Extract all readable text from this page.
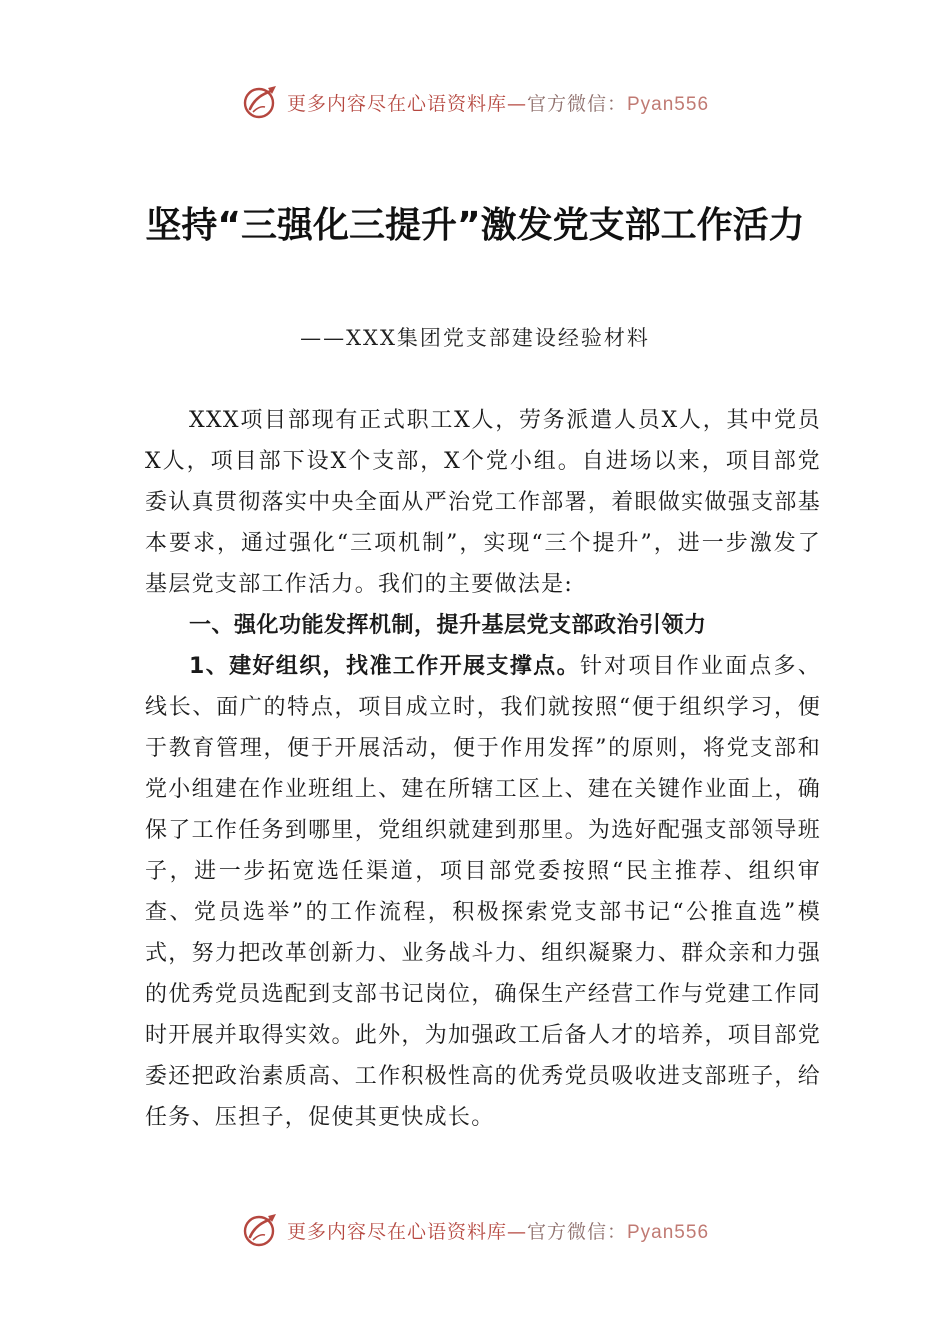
更多内容尽在心语资料库—官方微信：Pyan556
坚持“三强化三提升”激发党支部工作活力
——XXX集团党支部建设经验材料

XXX项目部现有正式职工X人，劳务派遣人员X人，其中党员X人，项目部下设X个支部，X个党小组。自进场以来，项目部党委认真贯彻落实中央全面从严治党工作部署，着眼做实做强支部基本要求，通过强化“三项机制”，实现“三个提升”，进一步激发了基层党支部工作活力。我们的主要做法是:

一、强化功能发挥机制，提升基层党支部政治引领力

1、建好组织，找准工作开展支撑点。针对项目作业面点多、线长、面广的特点，项目成立时，我们就按照“便于组织学习，便于教育管理，便于开展活动，便于作用发挥”的原则，将党支部和党小组建在作业班组上、建在所辖工区上、建在关键作业面上，确保了工作任务到哪里，党组织就建到那里。为选好配强支部领导班子，进一步拓宽选任渠道，项目部党委按照“民主推荐、组织审查、党员选举”的工作流程，积极探索党支部书记“公推直选”模式，努力把改革创新力、业务战斗力、组织凝聚力、群众亲和力强的优秀党员选配到支部书记岗位，确保生产经营工作与党建工作同时开展并取得实效。此外，为加强政工后备人才的培养，项目部党委还把政治素质高、工作积极性高的优秀党员吸收进支部班子，给任务、压担子，促使其更快成长。

更多内容尽在心语资料库—官方微信：Pyan556
